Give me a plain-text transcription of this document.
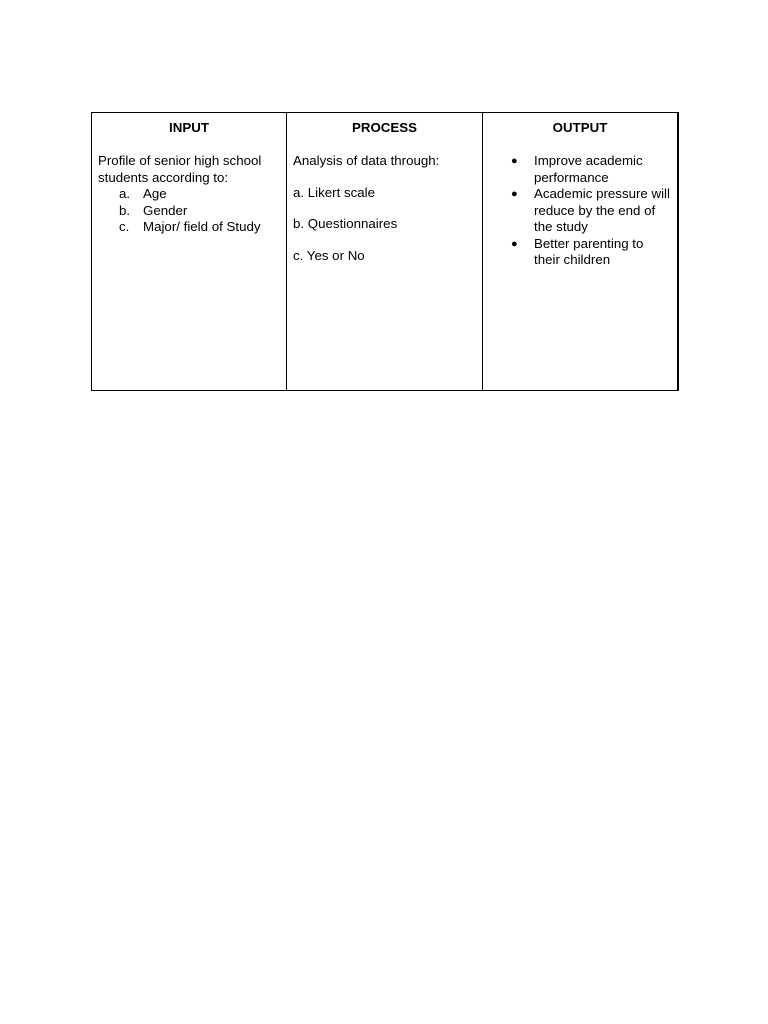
INPUT

Profile of senior high school students according to:

a. Age
b. Gender
c.	Major/ field of Study

PROCESS

Analysis of data through:

a. Likert scale

b. Questionnaires

c. Yes or No

OUTPUT

● Improve academic performance
● Academic pressure will reduce by the end of the study
● Better parenting to their children
